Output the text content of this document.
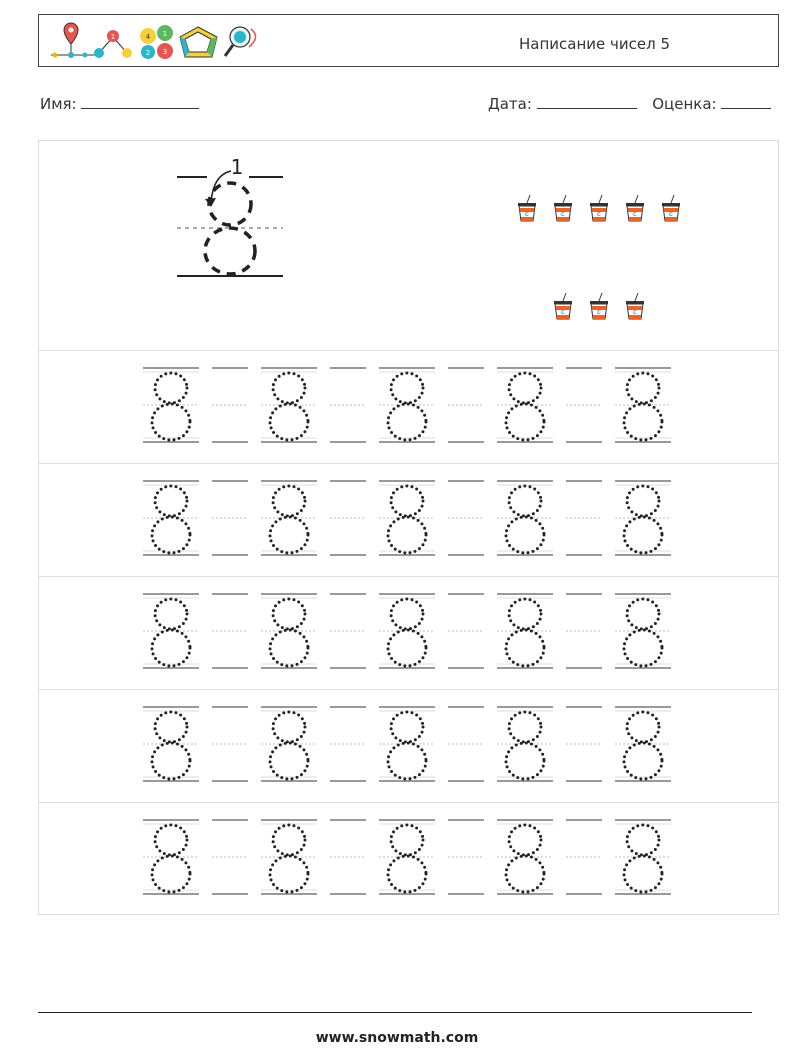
1	4 1
2 3	Написание чисел 5
Имя:	Дата:	Оценка:
1
C	C	C	C	C
C	C	C
www.snowmath.com
